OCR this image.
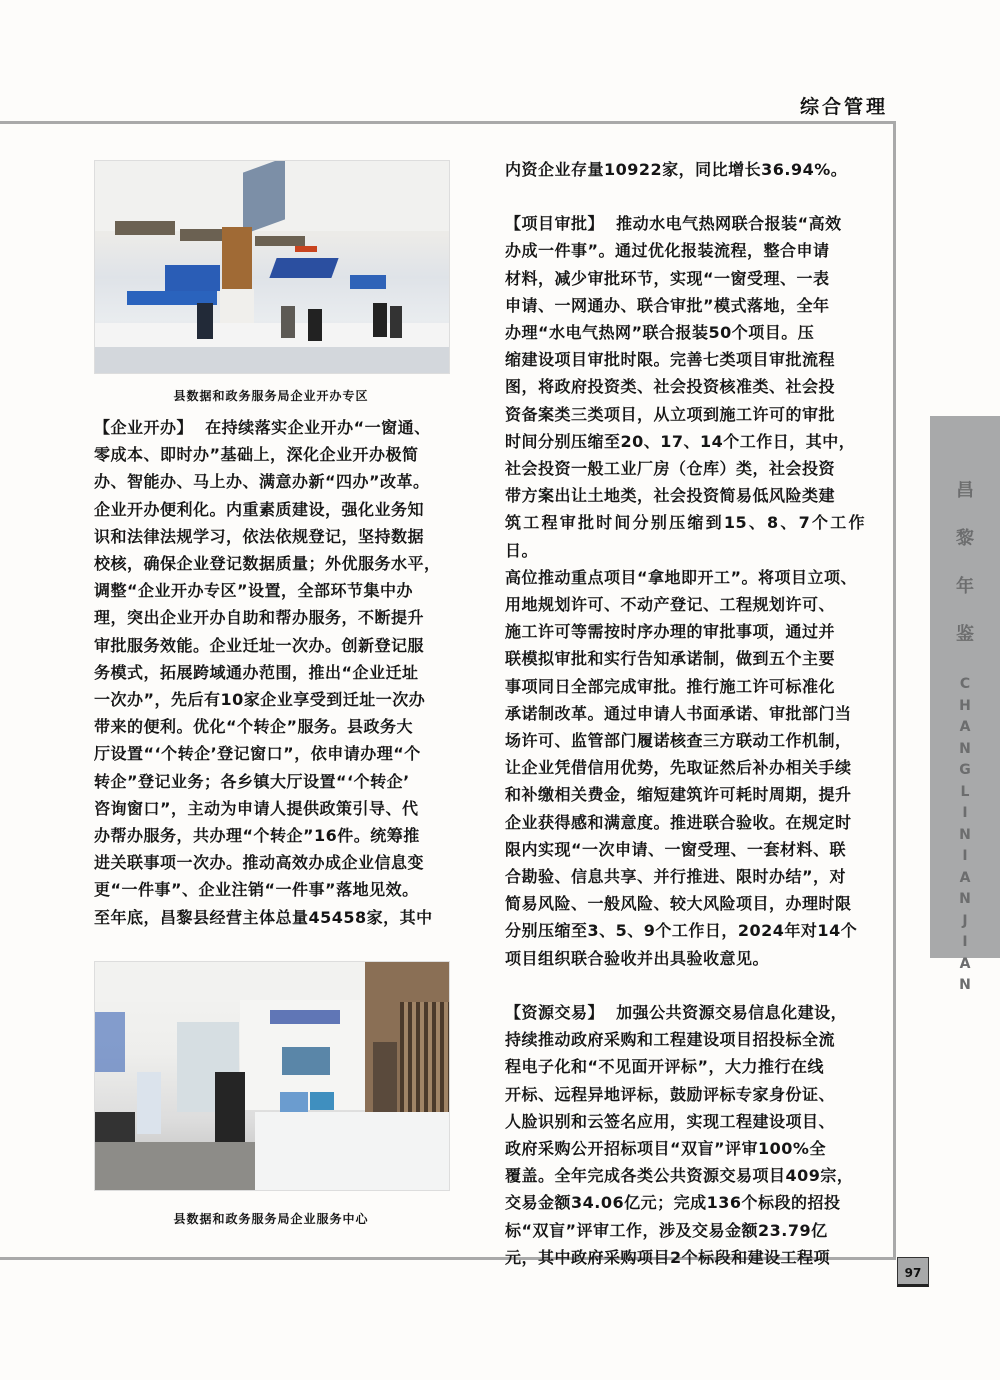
综合管理
县数据和政务服务局企业开办专区
【企业开办】 在持续落实企业开办“一窗通、
零成本、即时办”基础上，深化企业开办极简
办、智能办、马上办、满意办新“四办”改革。
企业开办便利化。内重素质建设，强化业务知
识和法律法规学习，依法依规登记，坚持数据
校核，确保企业登记数据质量；外优服务水平，
调整“企业开办专区”设置，全部环节集中办
理，突出企业开办自助和帮办服务，不断提升
审批服务效能。企业迁址一次办。创新登记服
务模式，拓展跨域通办范围，推出“企业迁址
一次办”，先后有10家企业享受到迁址一次办
带来的便利。优化“个转企”服务。县政务大
厅设置“‘个转企’登记窗口”，依申请办理“个
转企”登记业务；各乡镇大厅设置“‘个转企’
咨询窗口”，主动为申请人提供政策引导、代
办帮办服务，共办理“个转企”16件。统筹推
进关联事项一次办。推动高效办成企业信息变
更“一件事”、企业注销“一件事”落地见效。
至年底，昌黎县经营主体总量45458家，其中
县数据和政务服务局企业服务中心
内资企业存量10922家，同比增长36.94%。
【项目审批】 推动水电气热网联合报装“高效
办成一件事”。通过优化报装流程，整合申请
材料，减少审批环节，实现“一窗受理、一表
申请、一网通办、联合审批”模式落地，全年
办理“水电气热网”联合报装50个项目。压
缩建设项目审批时限。完善七类项目审批流程
图，将政府投资类、社会投资核准类、社会投
资备案类三类项目，从立项到施工许可的审批
时间分别压缩至20、17、14个工作日，其中，
社会投资一般工业厂房（仓库）类，社会投资
带方案出让土地类，社会投资简易低风险类建
筑工程审批时间分别压缩到15、8、7个工作日。
高位推动重点项目“拿地即开工”。将项目立项、
用地规划许可、不动产登记、工程规划许可、
施工许可等需按时序办理的审批事项，通过并
联模拟审批和实行告知承诺制，做到五个主要
事项同日全部完成审批。推行施工许可标准化
承诺制改革。通过申请人书面承诺、审批部门当
场许可、监管部门履诺核查三方联动工作机制，
让企业凭借信用优势，先取证然后补办相关手续
和补缴相关费金，缩短建筑许可耗时周期，提升
企业获得感和满意度。推进联合验收。在规定时
限内实现“一次申请、一窗受理、一套材料、联
合勘验、信息共享、并行推进、限时办结”，对
简易风险、一般风险、较大风险项目，办理时限
分别压缩至3、5、9个工作日，2024年对14个
项目组织联合验收并出具验收意见。
【资源交易】 加强公共资源交易信息化建设，
持续推动政府采购和工程建设项目招投标全流
程电子化和“不见面开评标”，大力推行在线
开标、远程异地评标，鼓励评标专家身份证、
人脸识别和云签名应用，实现工程建设项目、
政府采购公开招标项目“双盲”评审100%全
覆盖。全年完成各类公共资源交易项目409宗，
交易金额34.06亿元；完成136个标段的招投
标“双盲”评审工作，涉及交易金额23.79亿
元，其中政府采购项目2个标段和建设工程项
昌
黎
年
鉴
C
H
A
N
G
L
I
N
I
A
N
J
I
A
N
97
